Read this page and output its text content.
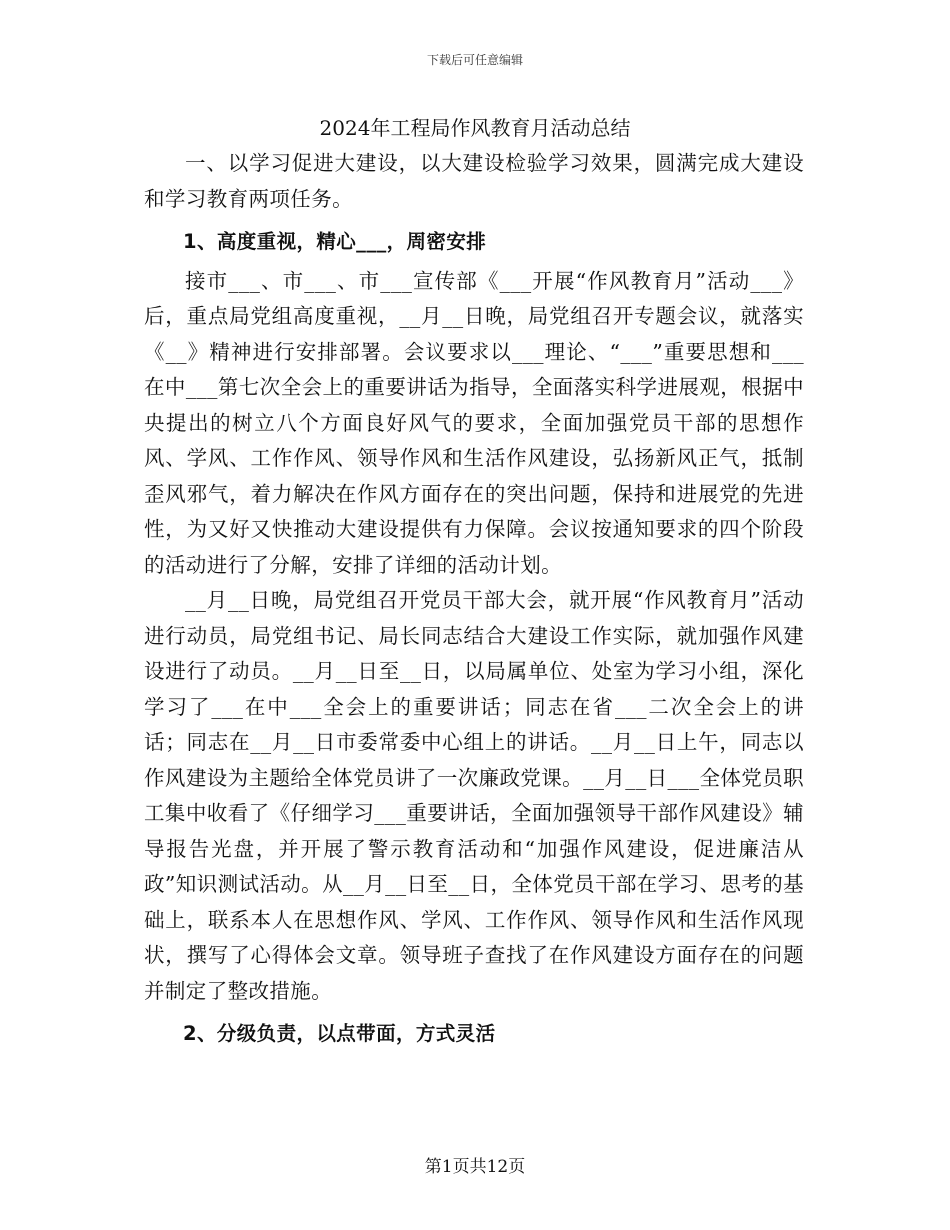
下载后可任意编辑
2024年工程局作风教育月活动总结

一、以学习促进大建设，以大建设检验学习效果，圆满完成大建设和学习教育两项任务。

1、高度重视，精心___，周密安排

接市___、市___、市___宣传部《___开展“作风教育月”活动___》后，重点局党组高度重视，__月__日晚，局党组召开专题会议，就落实《__》精神进行安排部署。会议要求以___理论、“___”重要思想和___在中___第七次全会上的重要讲话为指导，全面落实科学进展观，根据中央提出的树立八个方面良好风气的要求，全面加强党员干部的思想作风、学风、工作作风、领导作风和生活作风建设，弘扬新风正气，抵制歪风邪气，着力解决在作风方面存在的突出问题，保持和进展党的先进性，为又好又快推动大建设提供有力保障。会议按通知要求的四个阶段的活动进行了分解，安排了详细的活动计划。

__月__日晚，局党组召开党员干部大会，就开展“作风教育月”活动进行动员，局党组书记、局长同志结合大建设工作实际，就加强作风建设进行了动员。__月__日至__日，以局属单位、处室为学习小组，深化学习了___在中___全会上的重要讲话；同志在省___二次全会上的讲话；同志在__月__日市委常委中心组上的讲话。__月__日上午，同志以作风建设为主题给全体党员讲了一次廉政党课。__月__日___全体党员职工集中收看了《仔细学习___重要讲话，全面加强领导干部作风建设》辅导报告光盘，并开展了警示教育活动和“加强作风建设，促进廉洁从政”知识测试活动。从__月__日至__日，全体党员干部在学习、思考的基础上，联系本人在思想作风、学风、工作作风、领导作风和生活作风现状，撰写了心得体会文章。领导班子查找了在作风建设方面存在的问题并制定了整改措施。

2、分级负责，以点带面，方式灵活

第1页共12页
